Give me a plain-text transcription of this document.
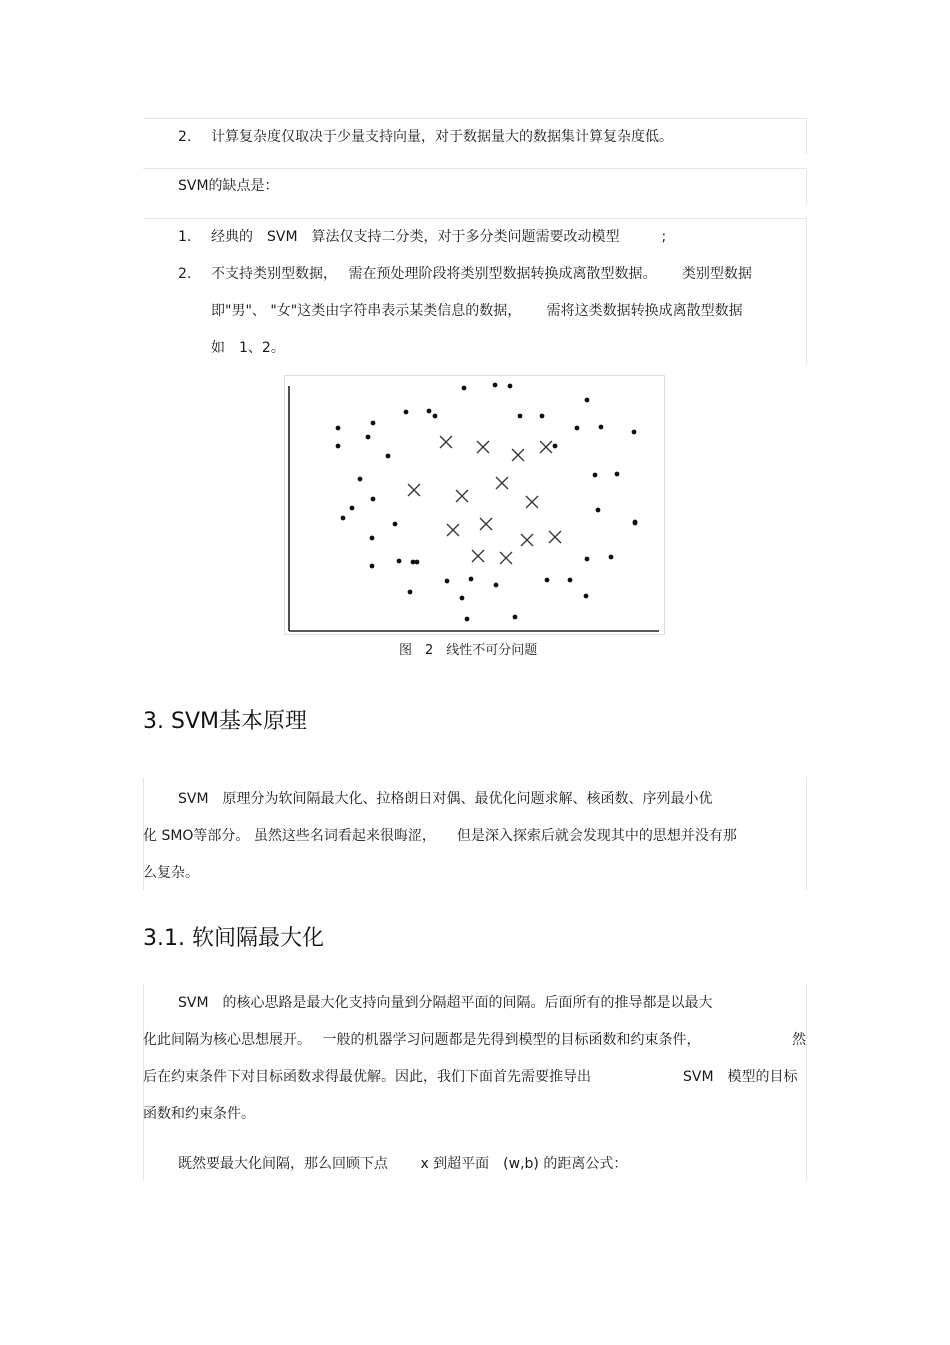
2. 计算复杂度仅取决于少量支持向量，对于数据量大的数据集计算复杂度低。
SVM的缺点是：
1. 经典的　SVM　算法仅支持二分类，对于多分类问题需要改动模型　　　;
2. 不支持类别型数据，　 需在预处理阶段将类别型数据转换成离散型数据。　　 类别型数据
即"男"、 "女"这类由字符串表示某类信息的数据，　　 需将这类数据转换成离散型数据
如　1、2。
图　2　线性不可分问题
3. SVM基本原理
SVM　原理分为软间隔最大化、拉格朗日对偶、最优化问题求解、核函数、序列最小优
化 SMO等部分。 虽然这些名词看起来很晦涩，　　但是深入探索后就会发现其中的思想并没有那
么复杂。
3.1. 软间隔最大化
SVM　的核心思路是最大化支持向量到分隔超平面的间隔。后面所有的推导都是以最大
化此间隔为核心思想展开。　 一般的机器学习问题都是先得到模型的目标函数和约束条件，	然
后在约束条件下对目标函数求得最优解。因此，我们下面首先需要推导出	SVM　模型的目标
函数和约束条件。
既然要最大化间隔，那么回顾下点　　 x 到超平面　(w,b) 的距离公式：
